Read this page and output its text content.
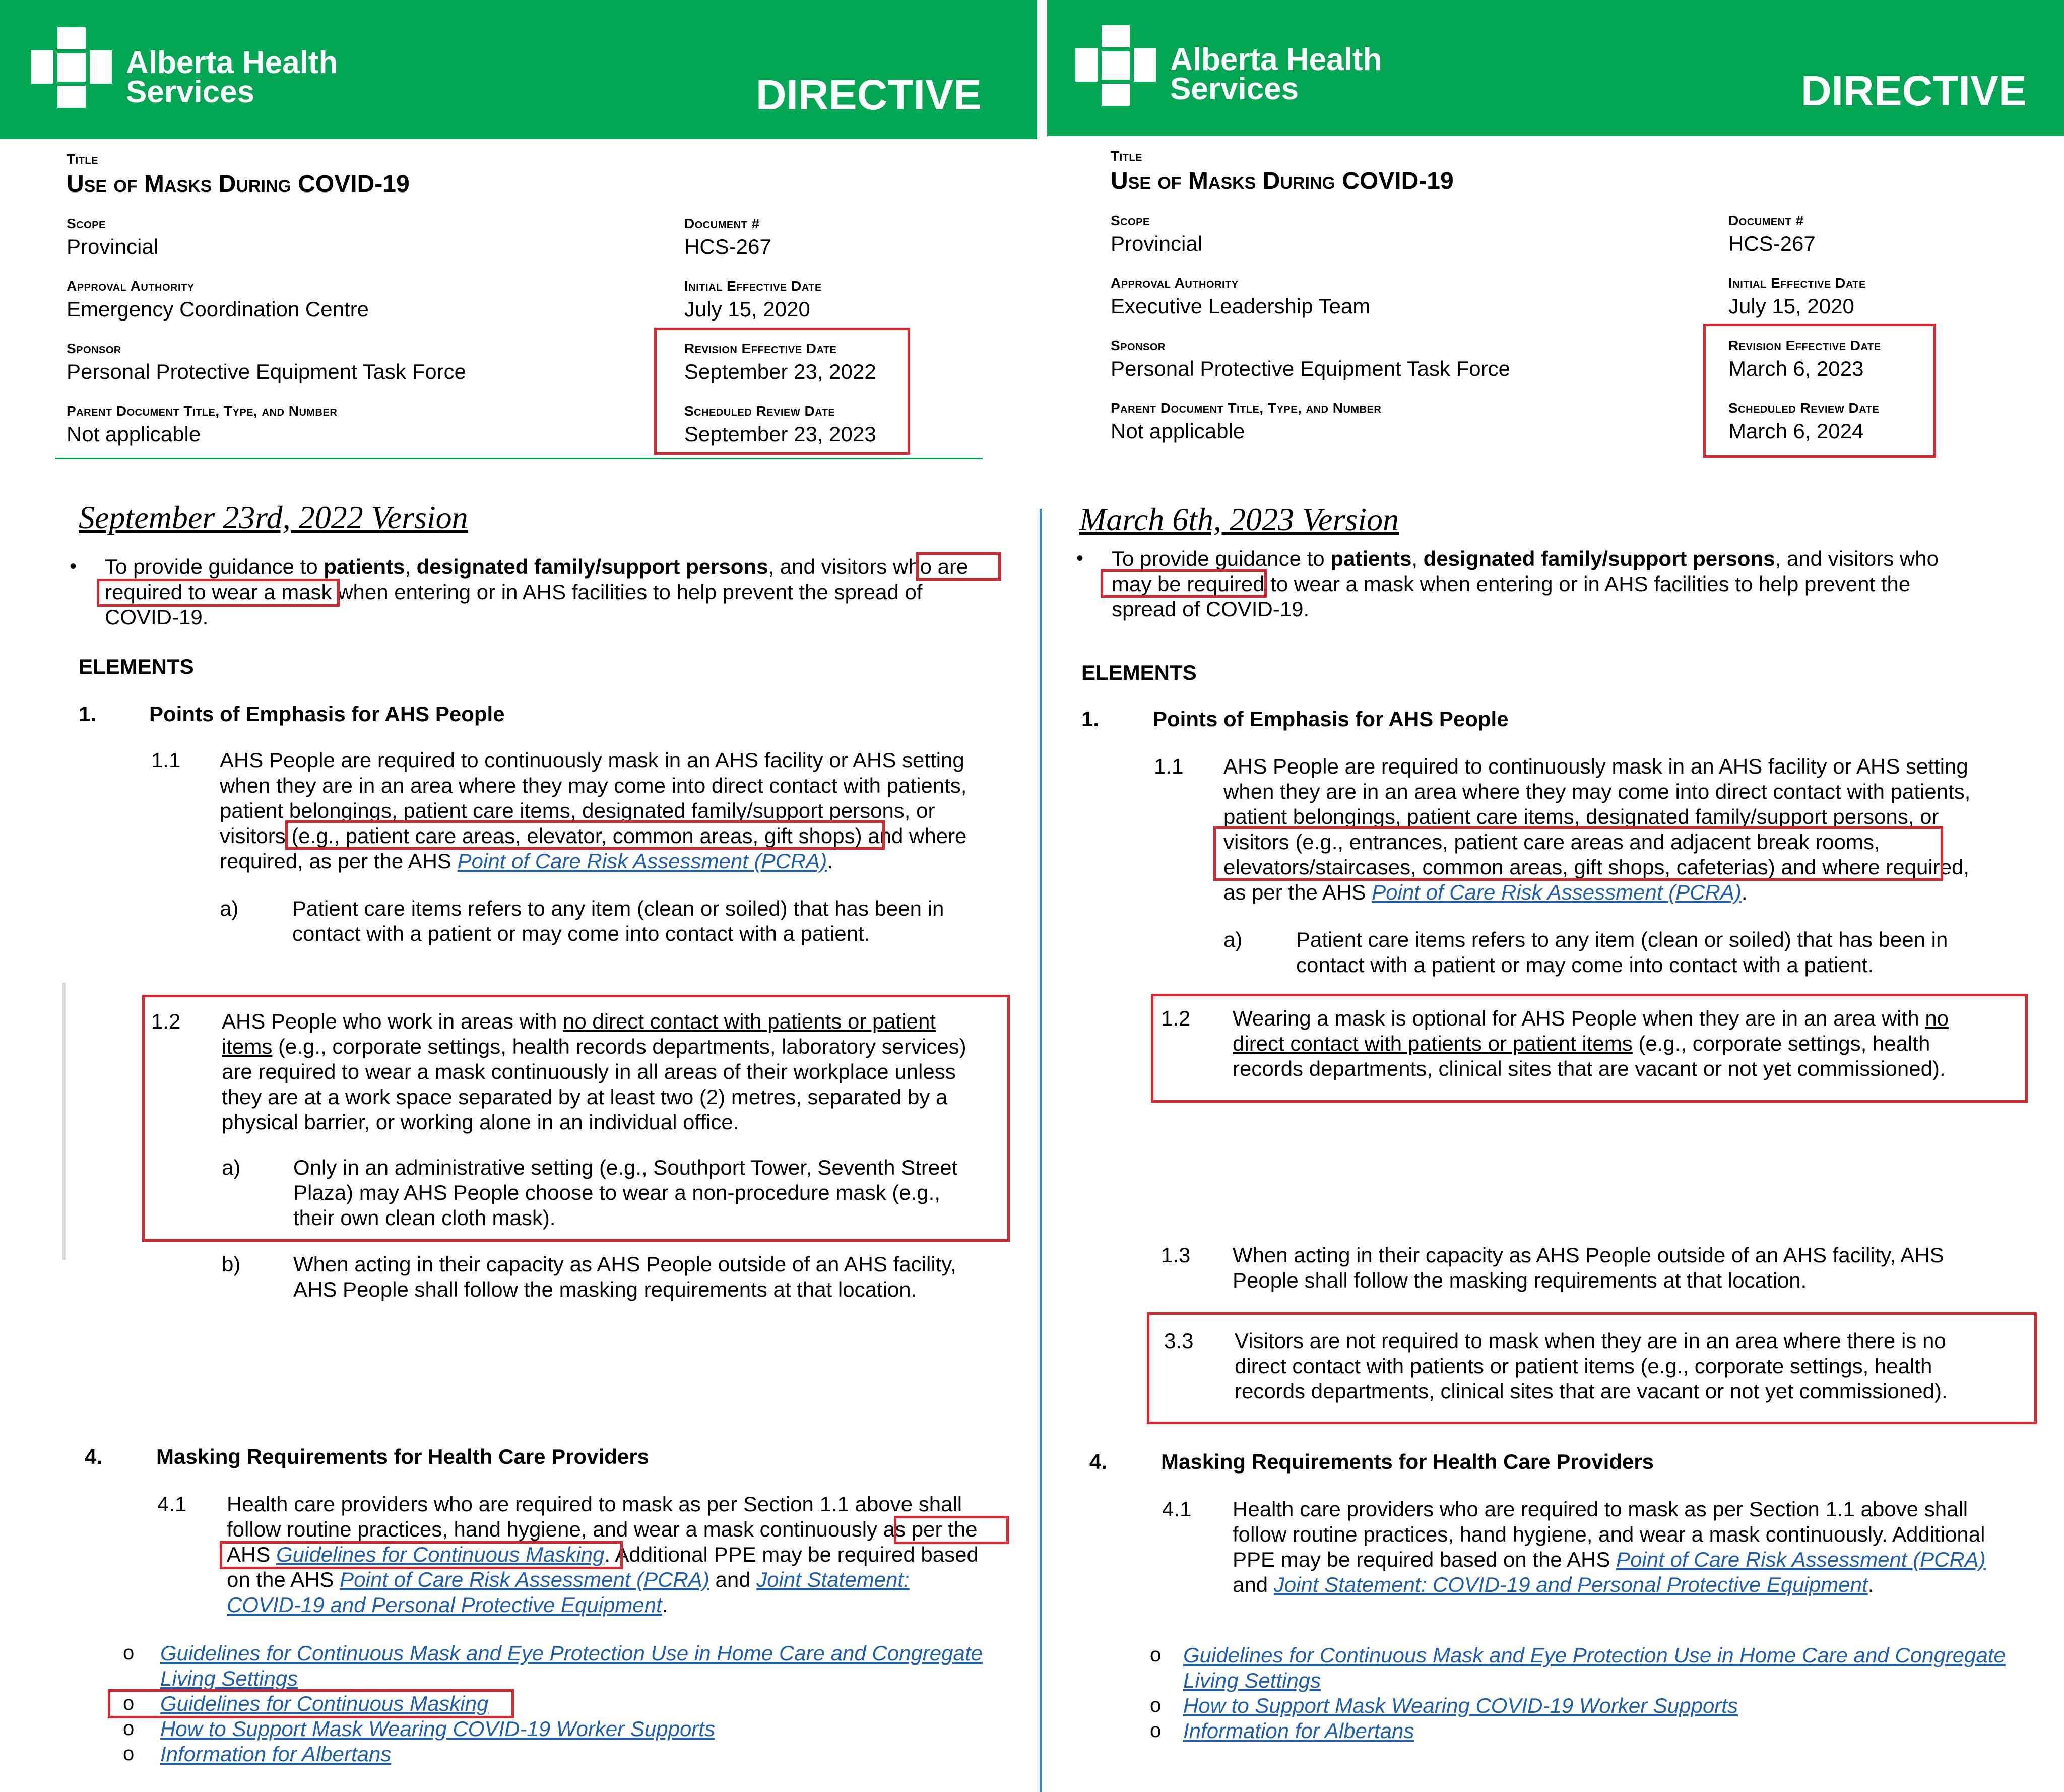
Alberta Health
Services	DIRECTIVE
Title
Use of Masks During COVID-19
Scope
Provincial
Document #
HCS-267
Approval Authority
Emergency Coordination Centre
Initial Effective Date
July 15, 2020
Sponsor
Personal Protective Equipment Task Force
Revision Effective Date
September 23, 2022
Parent Document Title, Type, and Number
Not applicable
Scheduled Review Date
September 23, 2023
September 23rd, 2022 Version
• To provide guidance to patients, designated family/support persons, and visitors who are
required to wear a mask when entering or in AHS facilities to help prevent the spread of
COVID-19.
ELEMENTS
1. Points of Emphasis for AHS People
1.1 AHS People are required to continuously mask in an AHS facility or AHS setting
when they are in an area where they may come into direct contact with patients,
patient belongings, patient care items, designated family/support persons, or
visitors (e.g., patient care areas, elevator, common areas, gift shops) and where
required, as per the AHS Point of Care Risk Assessment (PCRA).
a)	Patient care items refers to any item (clean or soiled) that has been in
contact with a patient or may come into contact with a patient.
1.2 AHS People who work in areas with no direct contact with patients or patient
items (e.g., corporate settings, health records departments, laboratory services)
are required to wear a mask continuously in all areas of their workplace unless
they are at a work space separated by at least two (2) metres, separated by a
physical barrier, or working alone in an individual office.
a) Only in an administrative setting (e.g., Southport Tower, Seventh Street
Plaza) may AHS People choose to wear a non-procedure mask (e.g.,
their own clean cloth mask).
b) When acting in their capacity as AHS People outside of an AHS facility,
AHS People shall follow the masking requirements at that location.
4.	Masking Requirements for Health Care Providers
4.1 Health care providers who are required to mask as per Section 1.1 above shall
follow routine practices, hand hygiene, and wear a mask continuously as per the
AHS Guidelines for Continuous Masking. Additional PPE may be required based
on the AHS Point of Care Risk Assessment (PCRA) and Joint Statement:
COVID-19 and Personal Protective Equipment.
o Guidelines for Continuous Mask and Eye Protection Use in Home Care and Congregate
Living Settings
o Guidelines for Continuous Masking
o How to Support Mask Wearing COVID-19 Worker Supports
o Information for Albertans
Alberta Health
Services	DIRECTIVE
Title
Use of Masks During COVID-19
Scope
Provincial
Document #
HCS-267
Approval Authority
Executive Leadership Team
Initial Effective Date
July 15, 2020
Sponsor
Personal Protective Equipment Task Force
Revision Effective Date
March 6, 2023
Parent Document Title, Type, and Number
Not applicable
Scheduled Review Date
March 6, 2024
March 6th, 2023 Version
• To provide guidance to patients, designated family/support persons, and visitors who
may be required to wear a mask when entering or in AHS facilities to help prevent the
spread of COVID-19.
ELEMENTS
1.	Points of Emphasis for AHS People
1.1 AHS People are required to continuously mask in an AHS facility or AHS setting
when they are in an area where they may come into direct contact with patients,
patient belongings, patient care items, designated family/support persons, or
visitors (e.g., entrances, patient care areas and adjacent break rooms,
elevators/staircases, common areas, gift shops, cafeterias) and where required,
as per the AHS Point of Care Risk Assessment (PCRA).
a)	Patient care items refers to any item (clean or soiled) that has been in
contact with a patient or may come into contact with a patient.
1.2 Wearing a mask is optional for AHS People when they are in an area with no
direct contact with patients or patient items (e.g., corporate settings, health
records departments, clinical sites that are vacant or not yet commissioned).
1.3 When acting in their capacity as AHS People outside of an AHS facility, AHS
People shall follow the masking requirements at that location.
3.3 Visitors are not required to mask when they are in an area where there is no
direct contact with patients or patient items (e.g., corporate settings, health
records departments, clinical sites that are vacant or not yet commissioned).
4.	Masking Requirements for Health Care Providers
4.1 Health care providers who are required to mask as per Section 1.1 above shall
follow routine practices, hand hygiene, and wear a mask continuously. Additional
PPE may be required based on the AHS Point of Care Risk Assessment (PCRA)
and Joint Statement: COVID-19 and Personal Protective Equipment.
o Guidelines for Continuous Mask and Eye Protection Use in Home Care and Congregate
Living Settings
o How to Support Mask Wearing COVID-19 Worker Supports
o Information for Albertans
